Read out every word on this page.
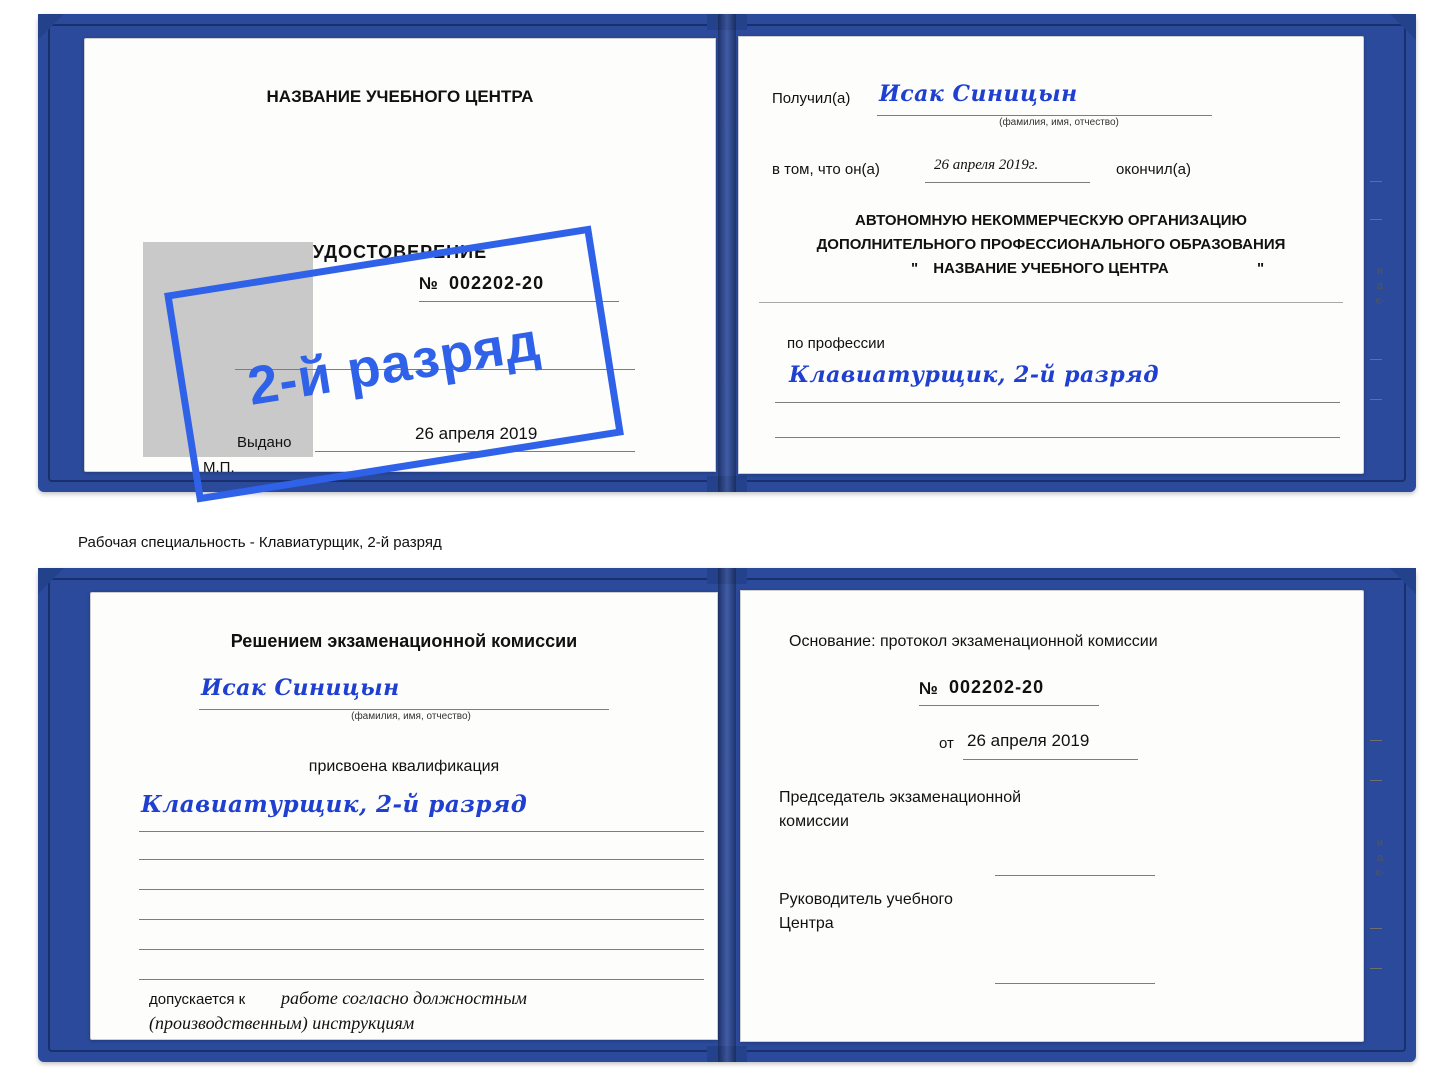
НАЗВАНИЕ УЧЕБНОГО ЦЕНТРА
УДОСТОВЕРЕНИЕ
№ 002202-20
Выдано	26 апреля 2019
М.П.
Получил(а) Исак Синицын
(фамилия, имя, отчество)
в том, что он(а)	26 апреля 2019г.	окончил(а)
АВТОНОМНУЮ НЕКОММЕРЧЕСКУЮ ОРГАНИЗАЦИЮ
ДОПОЛНИТЕЛЬНОГО ПРОФЕССИОНАЛЬНОГО ОБРАЗОВАНИЯ
"	НАЗВАНИЕ УЧЕБНОГО ЦЕНТРА	"
по профессии
Клавиатурщик, 2-й разряд
и
а
к-
2-й разряд
Рабочая специальность - Клавиатурщик, 2-й разряд
Решением экзаменационной комиссии
Исак Синицын
(фамилия, имя, отчество)
присвоена квалификация
Клавиатурщик, 2-й разряд
допускается к работе согласно должностным
(производственным) инструкциям
Основание: протокол экзаменационной комиссии
№ 002202-20
от 26 апреля 2019
Председатель экзаменационной
комиссии
Руководитель учебного
Центра
и
а
к-
